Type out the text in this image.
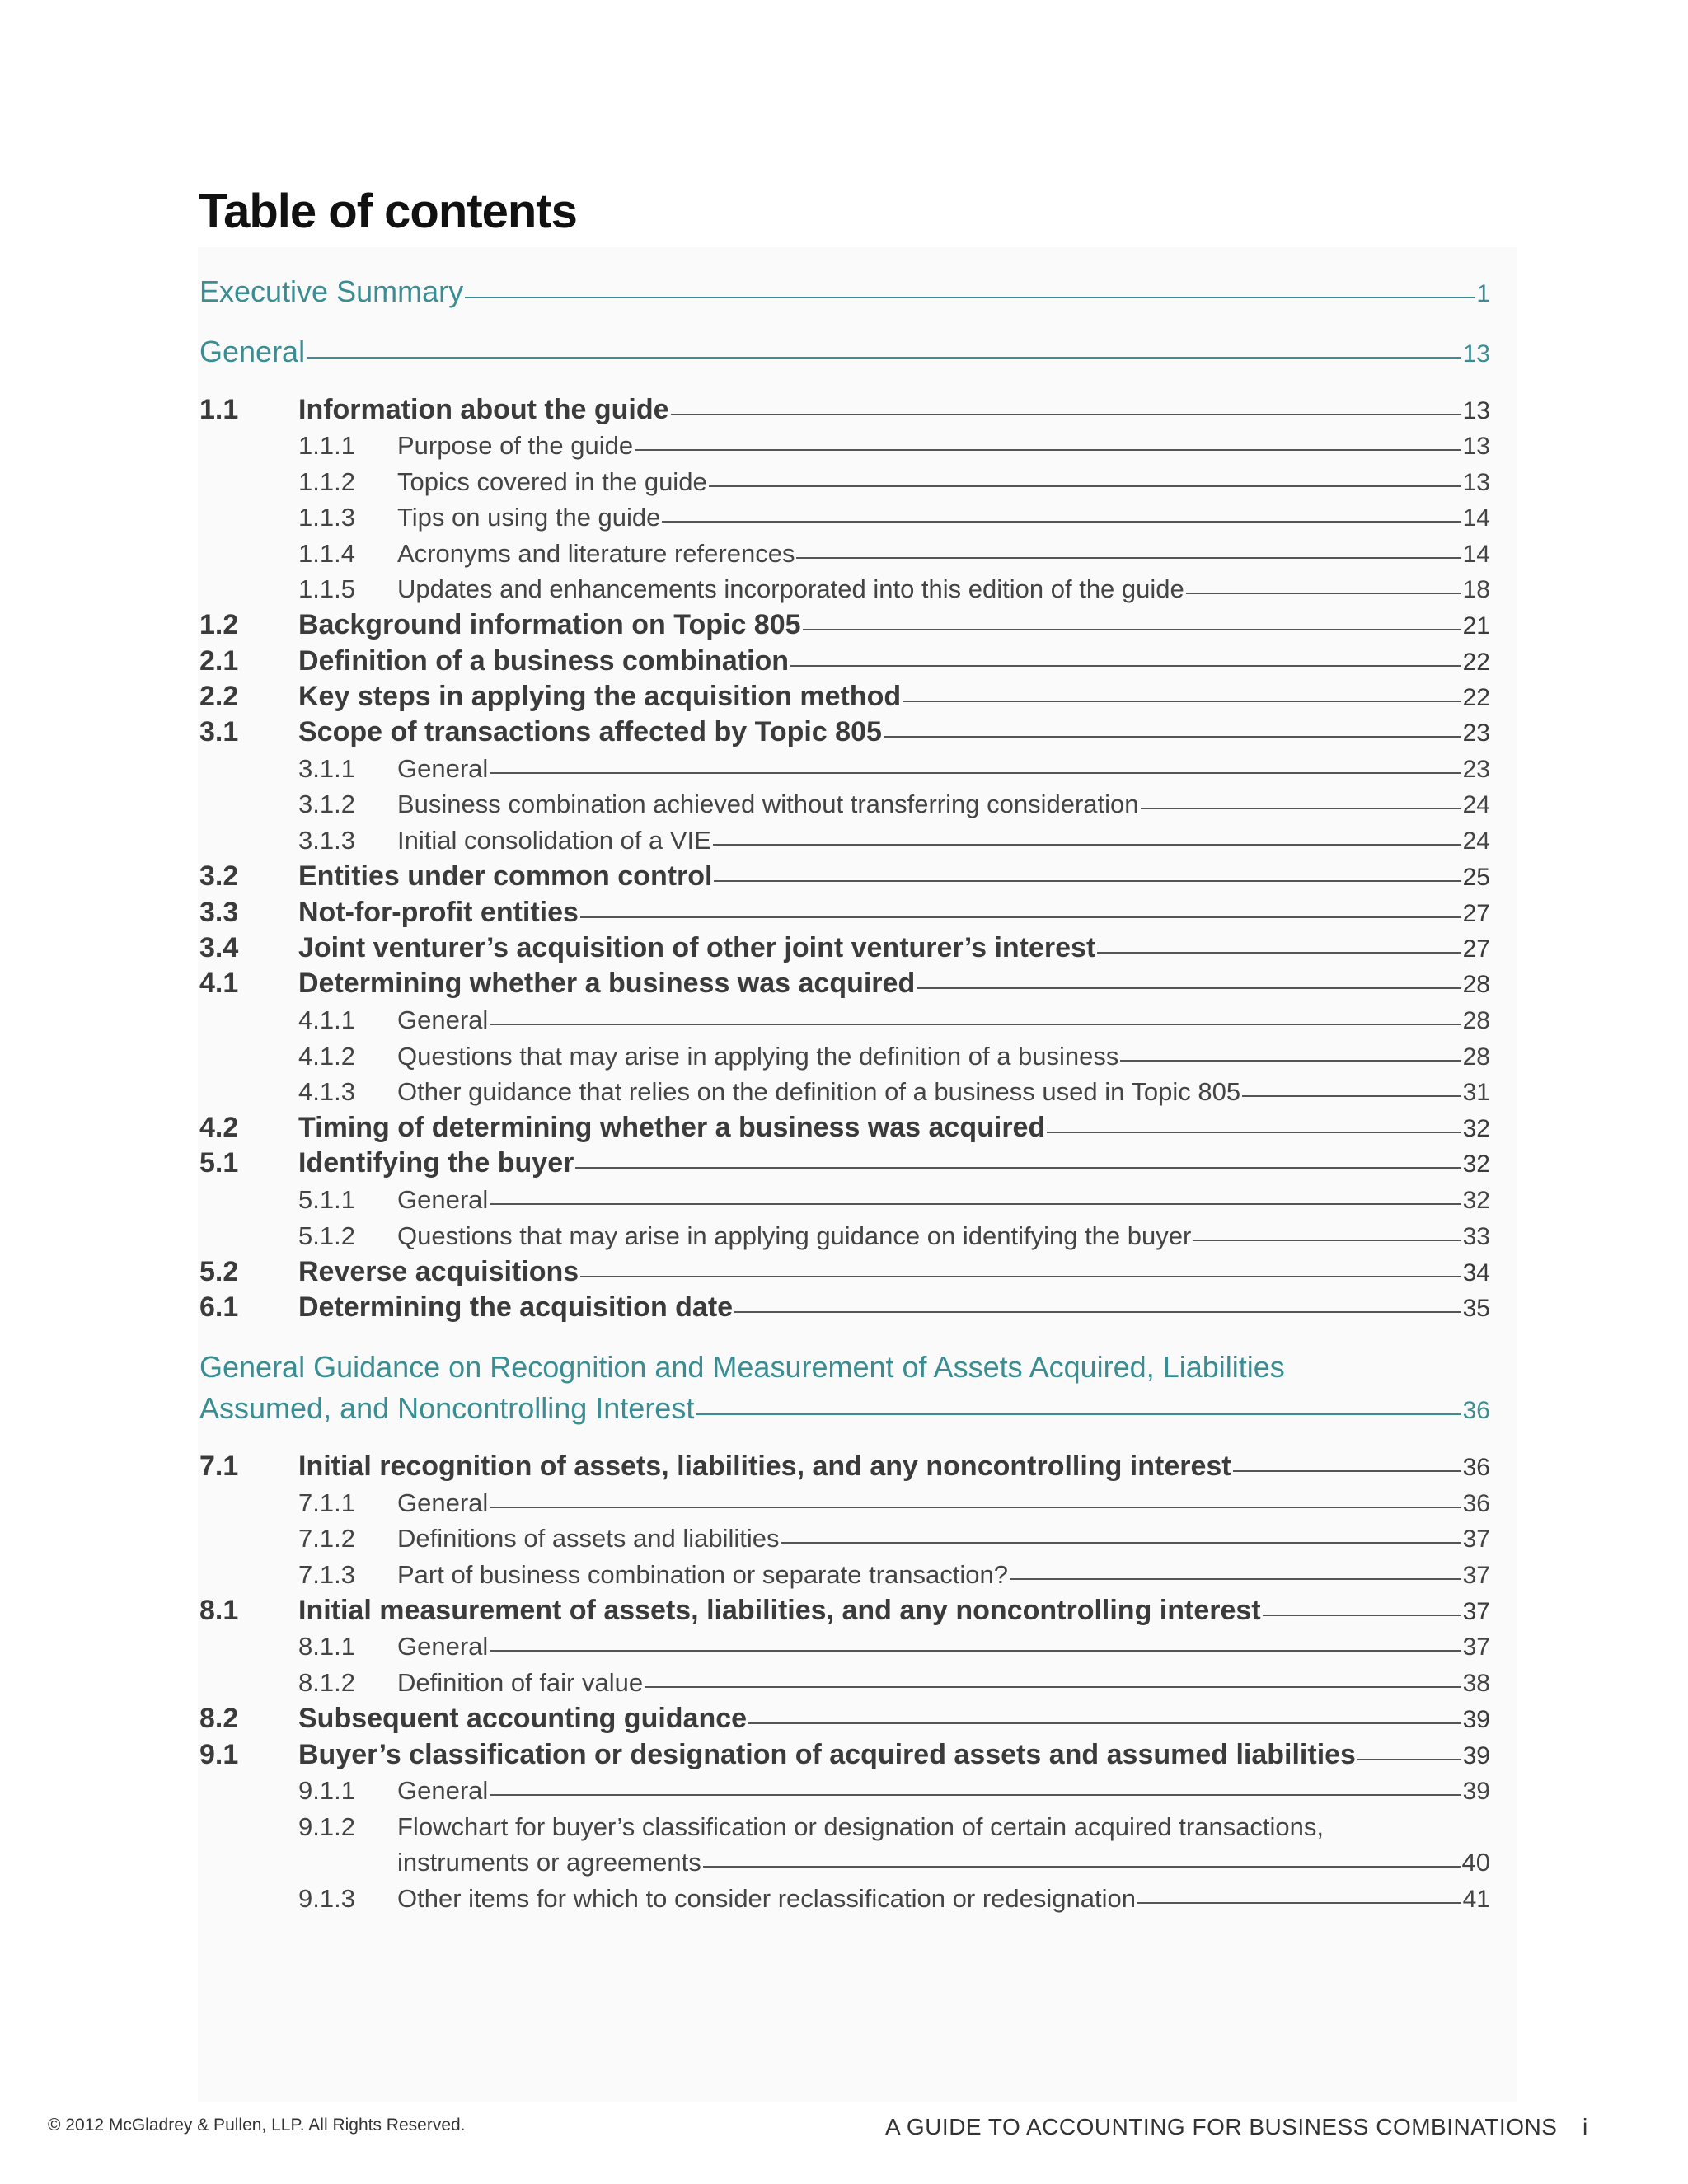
Table of contents
Executive Summary	1
General	13
1.1	Information about the guide	13
1.1.1	Purpose of the guide	13
1.1.2	Topics covered in the guide	13
1.1.3	Tips on using the guide	14
1.1.4	Acronyms and literature references	14
1.1.5	Updates and enhancements incorporated into this edition of the guide	18
1.2	Background information on Topic 805	21
2.1	Definition of a business combination	22
2.2	Key steps in applying the acquisition method	22
3.1	Scope of transactions affected by Topic 805	23
3.1.1	General	23
3.1.2	Business combination achieved without transferring consideration	24
3.1.3	Initial consolidation of a VIE	24
3.2	Entities under common control	25
3.3	Not-for-profit entities	27
3.4	Joint venturer’s acquisition of other joint venturer’s interest	27
4.1	Determining whether a business was acquired	28
4.1.1	General	28
4.1.2	Questions that may arise in applying the definition of a business	28
4.1.3	Other guidance that relies on the definition of a business used in Topic 805	31
4.2	Timing of determining whether a business was acquired	32
5.1	Identifying the buyer	32
5.1.1	General	32
5.1.2	Questions that may arise in applying guidance on identifying the buyer	33
5.2	Reverse acquisitions	34
6.1	Determining the acquisition date	35
General Guidance on Recognition and Measurement of Assets Acquired, Liabilities
Assumed, and Noncontrolling Interest	36
7.1	Initial recognition of assets, liabilities, and any noncontrolling interest	36
7.1.1	General	36
7.1.2	Definitions of assets and liabilities	37
7.1.3	Part of business combination or separate transaction?	37
8.1	Initial measurement of assets, liabilities, and any noncontrolling interest	37
8.1.1	General	37
8.1.2	Definition of fair value	38
8.2	Subsequent accounting guidance	39
9.1	Buyer’s classification or designation of acquired assets and assumed liabilities	39
9.1.1	General	39
9.1.2	Flowchart for buyer’s classification or designation of certain acquired transactions,
instruments or agreements	40
9.1.3	Other items for which to consider reclassification or redesignation	41
© 2012 McGladrey & Pullen, LLP. All Rights Reserved.	A GUIDE TO ACCOUNTING FOR BUSINESS COMBINATIONS i
